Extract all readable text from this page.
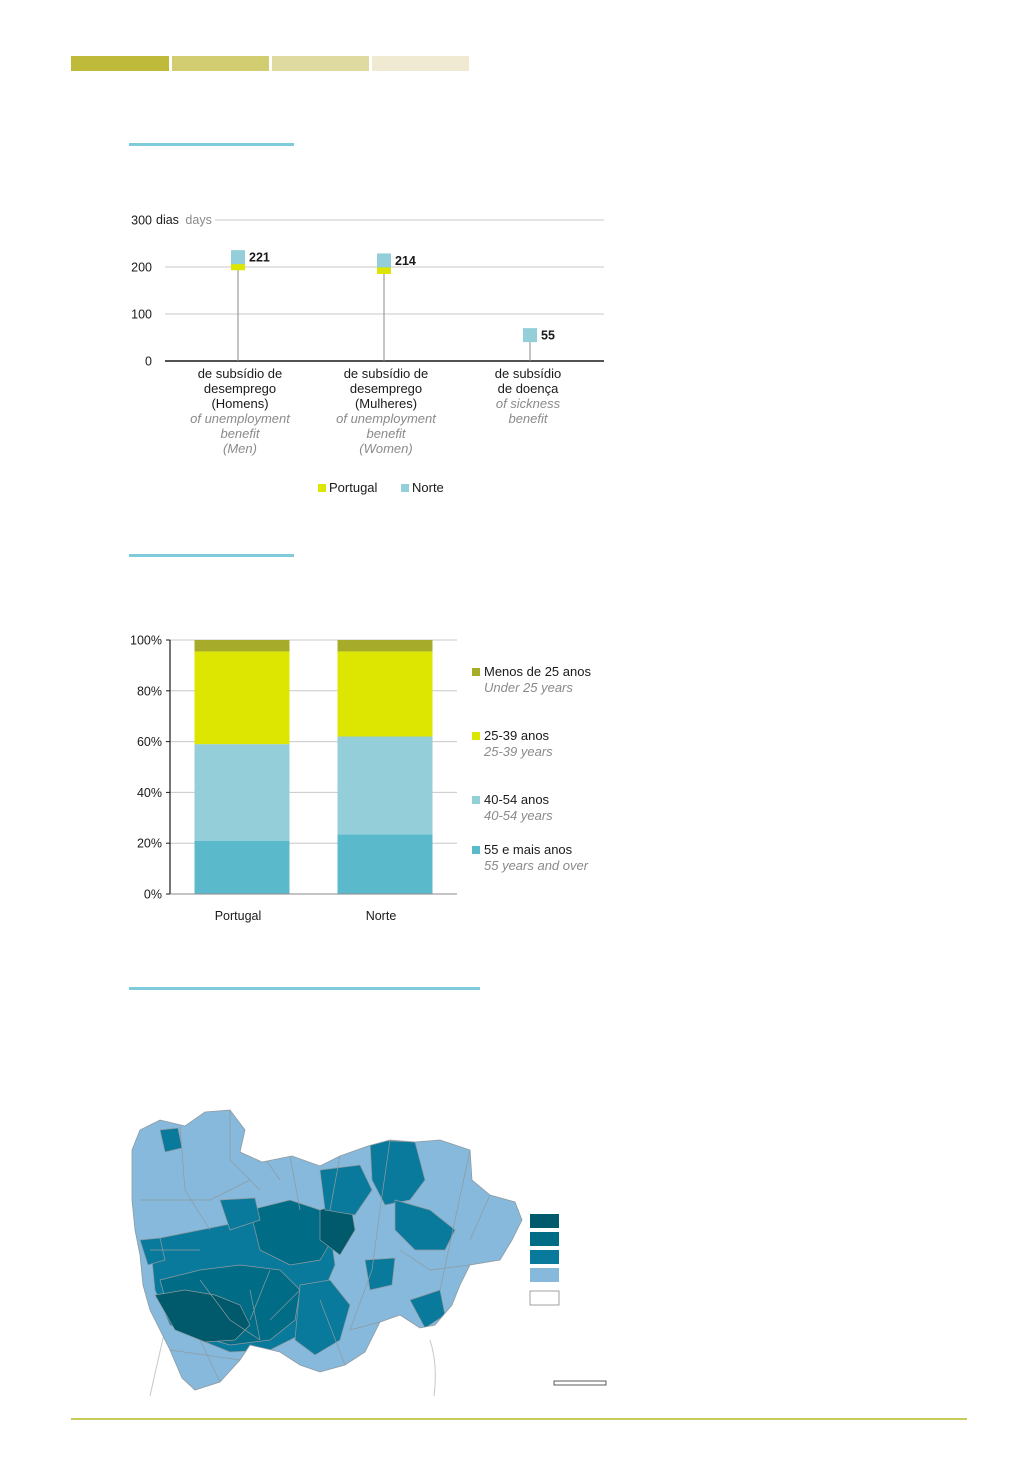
0
100
200
300 dias days
221	214
55
de subsídio de
desemprego
(Homens)
of unemployment
benefit
(Men)
de subsídio de
desemprego
(Mulheres)
of unemployment
benefit
(Women)
de subsídio
de doença
of sickness
benefit
Portugal	Norte
0%
20%
40%
60%
80%
100%
Portugal	Norte
Menos de 25 anos
Under 25 years
25-39 anos
25-39 years
40-54 anos
40-54 years
55 e mais anos
55 years and over
